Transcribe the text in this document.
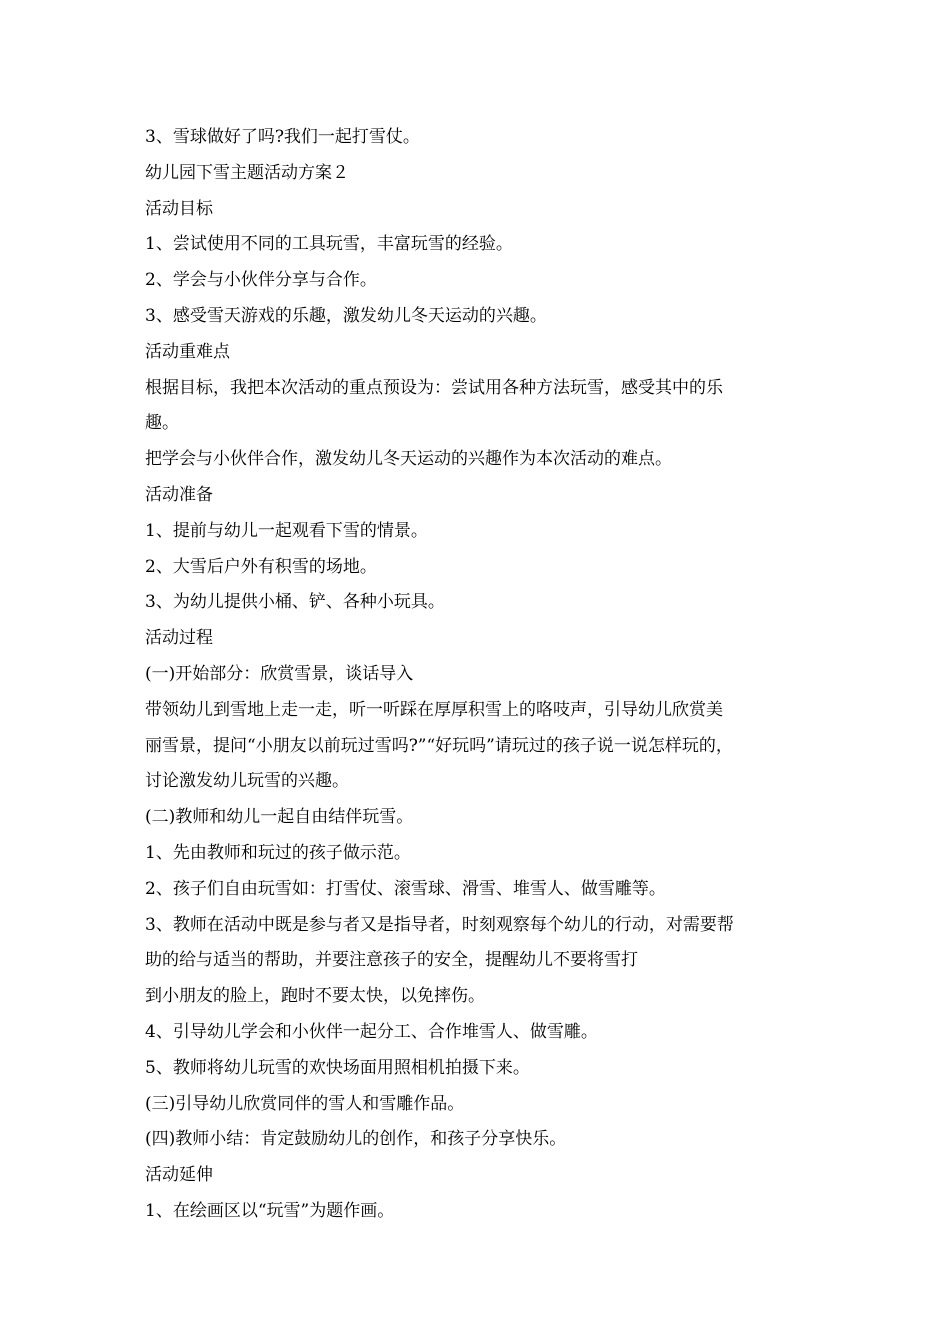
3、雪球做好了吗?我们一起打雪仗。

幼儿园下雪主题活动方案２

活动目标

1、尝试使用不同的工具玩雪，丰富玩雪的经验。

2、学会与小伙伴分享与合作。

3、感受雪天游戏的乐趣，激发幼儿冬天运动的兴趣。

活动重难点

根据目标，我把本次活动的重点预设为：尝试用各种方法玩雪，感受其中的乐

趣。

把学会与小伙伴合作，激发幼儿冬天运动的兴趣作为本次活动的难点。

活动准备

1、提前与幼儿一起观看下雪的情景。

2、大雪后户外有积雪的场地。

3、为幼儿提供小桶、铲、各种小玩具。

活动过程

(一)开始部分：欣赏雪景，谈话导入

带领幼儿到雪地上走一走，听一听踩在厚厚积雪上的咯吱声，引导幼儿欣赏美

丽雪景，提问“小朋友以前玩过雪吗?”“好玩吗”请玩过的孩子说一说怎样玩的，

讨论激发幼儿玩雪的兴趣。

(二)教师和幼儿一起自由结伴玩雪。

1、先由教师和玩过的孩子做示范。

2、孩子们自由玩雪如：打雪仗、滚雪球、滑雪、堆雪人、做雪雕等。

3、教师在活动中既是参与者又是指导者，时刻观察每个幼儿的行动，对需要帮

助的给与适当的帮助，并要注意孩子的安全，提醒幼儿不要将雪打

到小朋友的脸上，跑时不要太快，以免摔伤。

4、引导幼儿学会和小伙伴一起分工、合作堆雪人、做雪雕。

5、教师将幼儿玩雪的欢快场面用照相机拍摄下来。

(三)引导幼儿欣赏同伴的雪人和雪雕作品。

(四)教师小结：肯定鼓励幼儿的创作，和孩子分享快乐。

活动延伸

1、在绘画区以“玩雪”为题作画。
